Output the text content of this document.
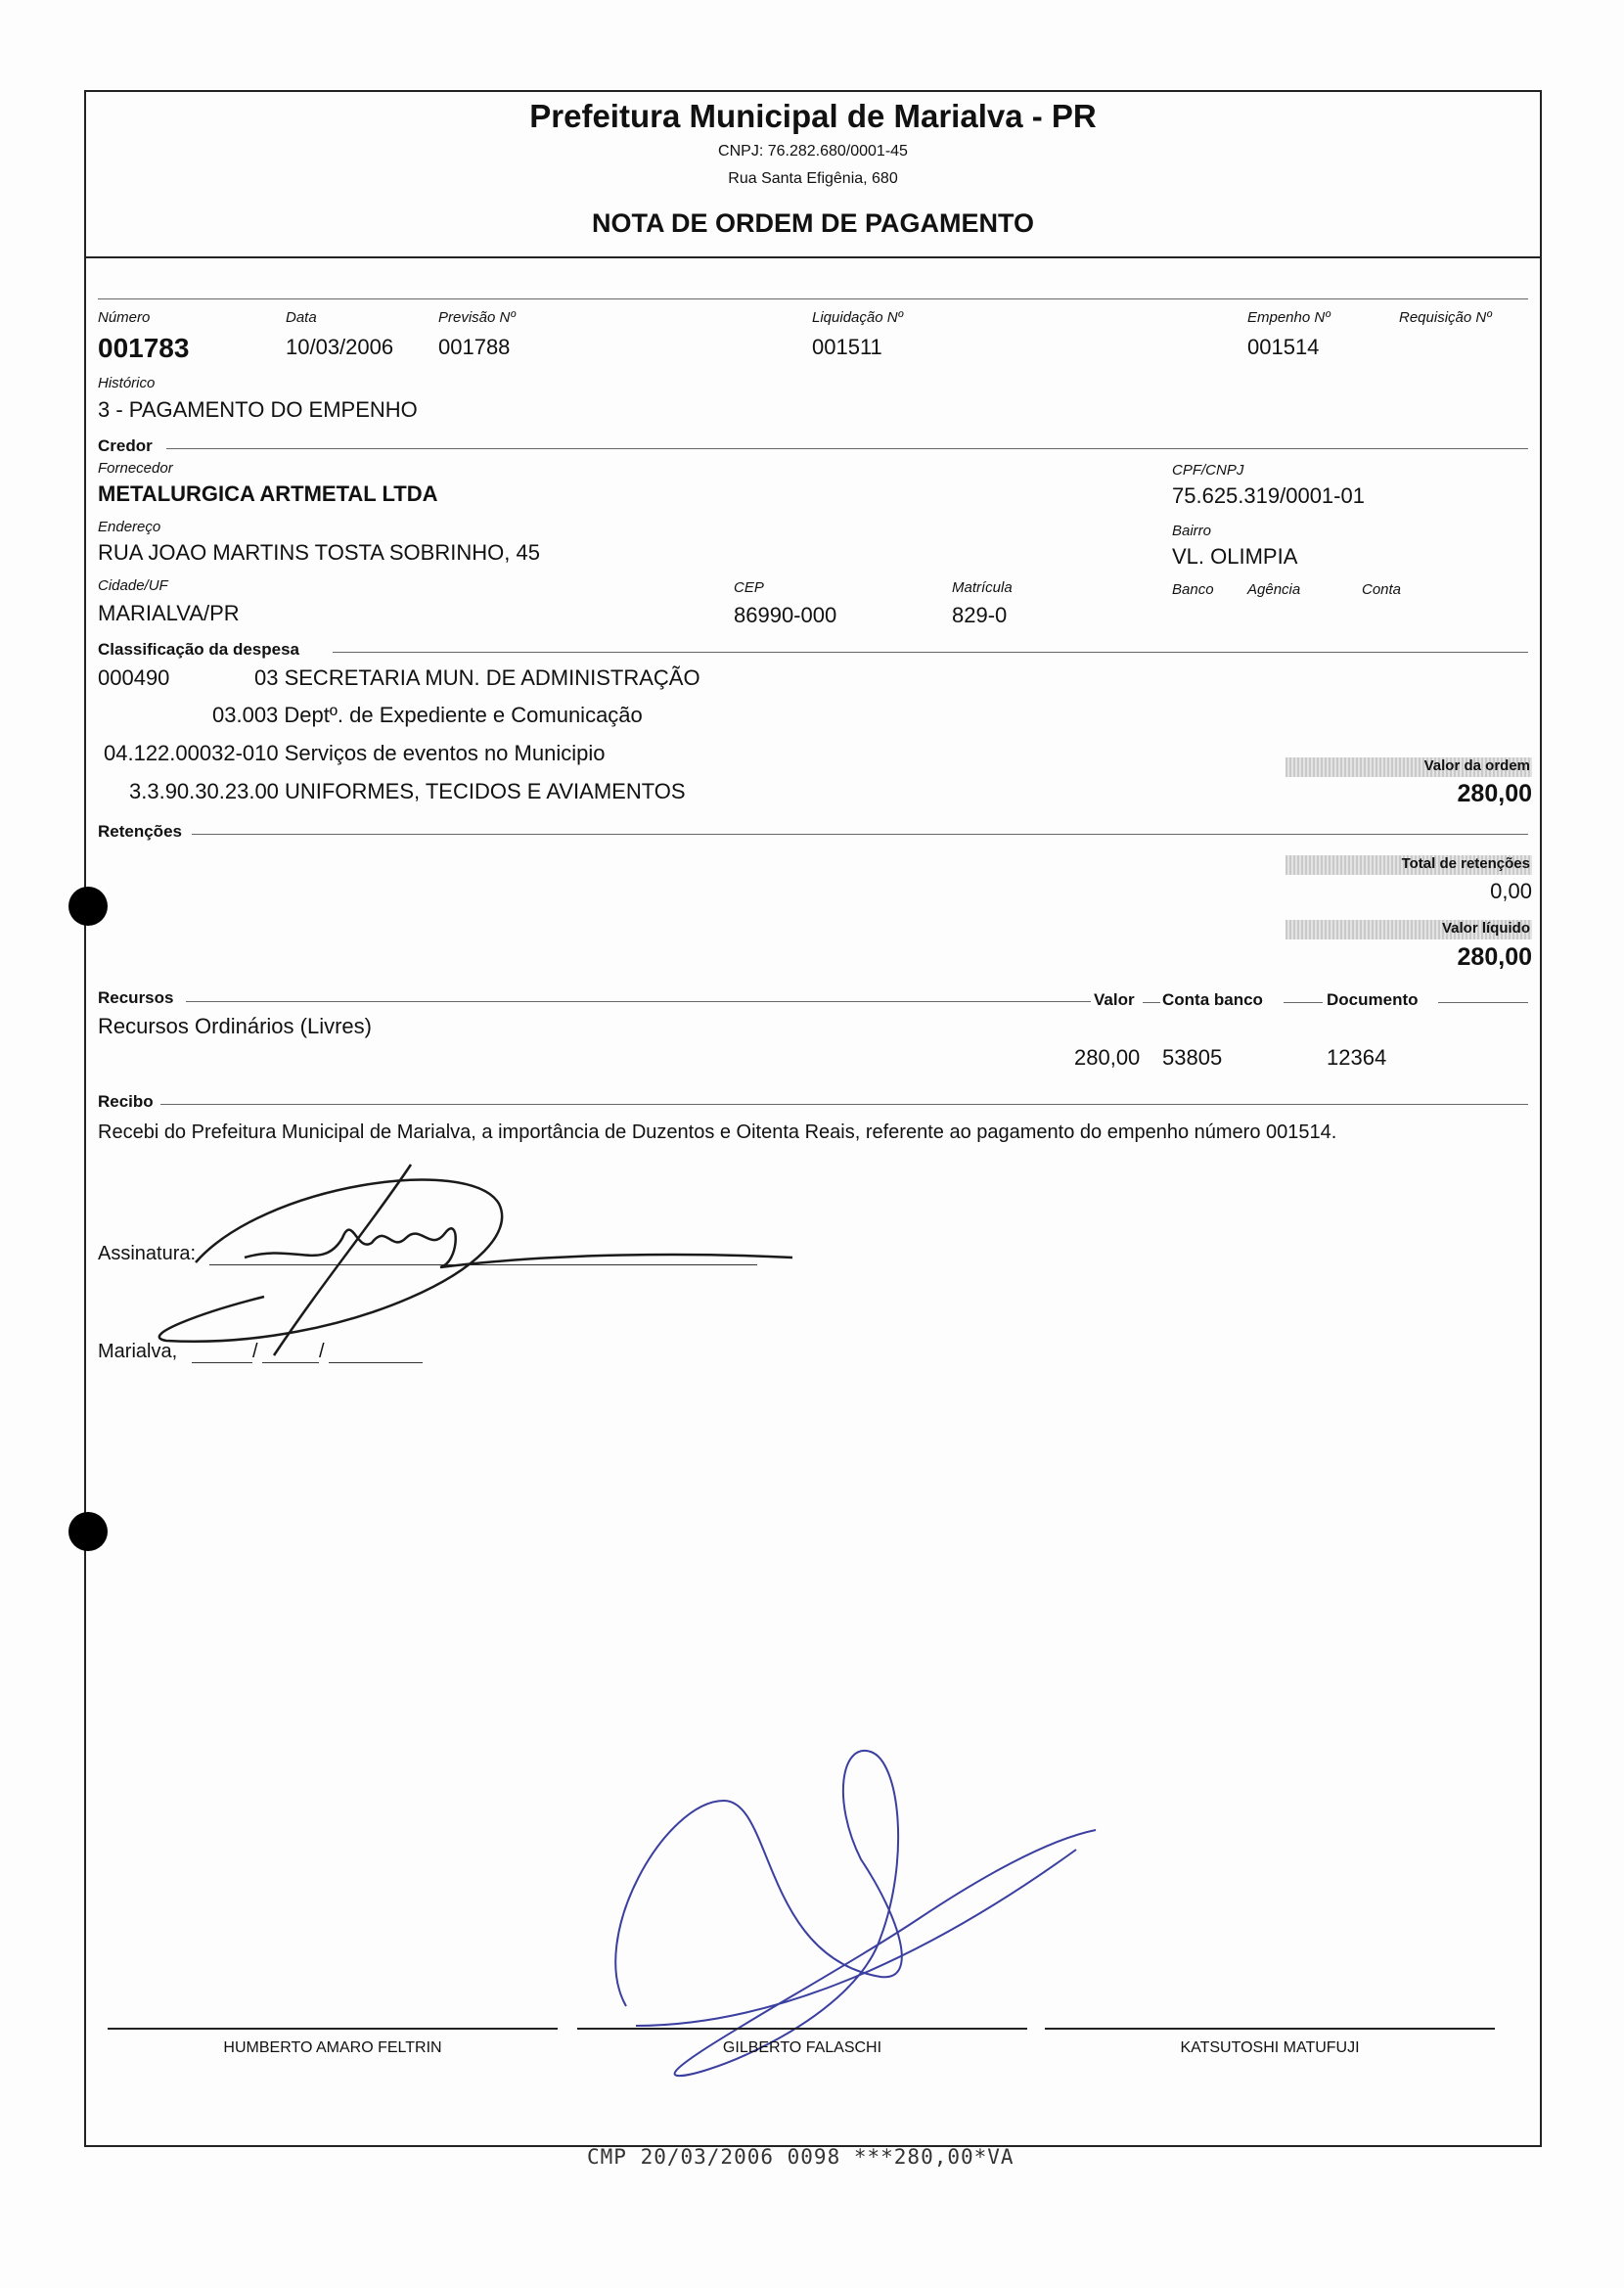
Prefeitura Municipal de Marialva - PR
CNPJ: 76.282.680/0001-45
Rua Santa Efigênia, 680
NOTA DE ORDEM DE PAGAMENTO
Número
001783
Data
10/03/2006
Previsão Nº
001788
Liquidação Nº
001511
Empenho Nº
001514
Requisição Nº
Histórico
3 - PAGAMENTO DO EMPENHO
Credor
Fornecedor
METALURGICA ARTMETAL LTDA
CPF/CNPJ
75.625.319/0001-01
Endereço
RUA JOAO MARTINS TOSTA SOBRINHO, 45
Bairro
VL. OLIMPIA
Cidade/UF
MARIALVA/PR
CEP
86990-000
Matrícula
829-0
Banco Agência	Conta
Classificação da despesa
000490	03 SECRETARIA MUN. DE ADMINISTRAÇÃO
03.003 Deptº. de Expediente e Comunicação
04.122.00032-010 Serviços de eventos no Municipio
3.3.90.30.23.00 UNIFORMES, TECIDOS E AVIAMENTOS
Valor da ordem
280,00
Retenções
Total de retenções
0,00
Valor líquido
280,00
Recursos	Valor Conta banco	Documento
Recursos Ordinários (Livres)
280,00 53805	12364
Recibo
Recebi do Prefeitura Municipal de Marialva, a importância de Duzentos e Oitenta Reais, referente ao pagamento do empenho número 001514.
Assinatura:
Marialva,	/	/
HUMBERTO AMARO FELTRIN	GILBERTO FALASCHI	KATSUTOSHI MATUFUJI
CMP 20/03/2006 0098 ***280,00*VA
